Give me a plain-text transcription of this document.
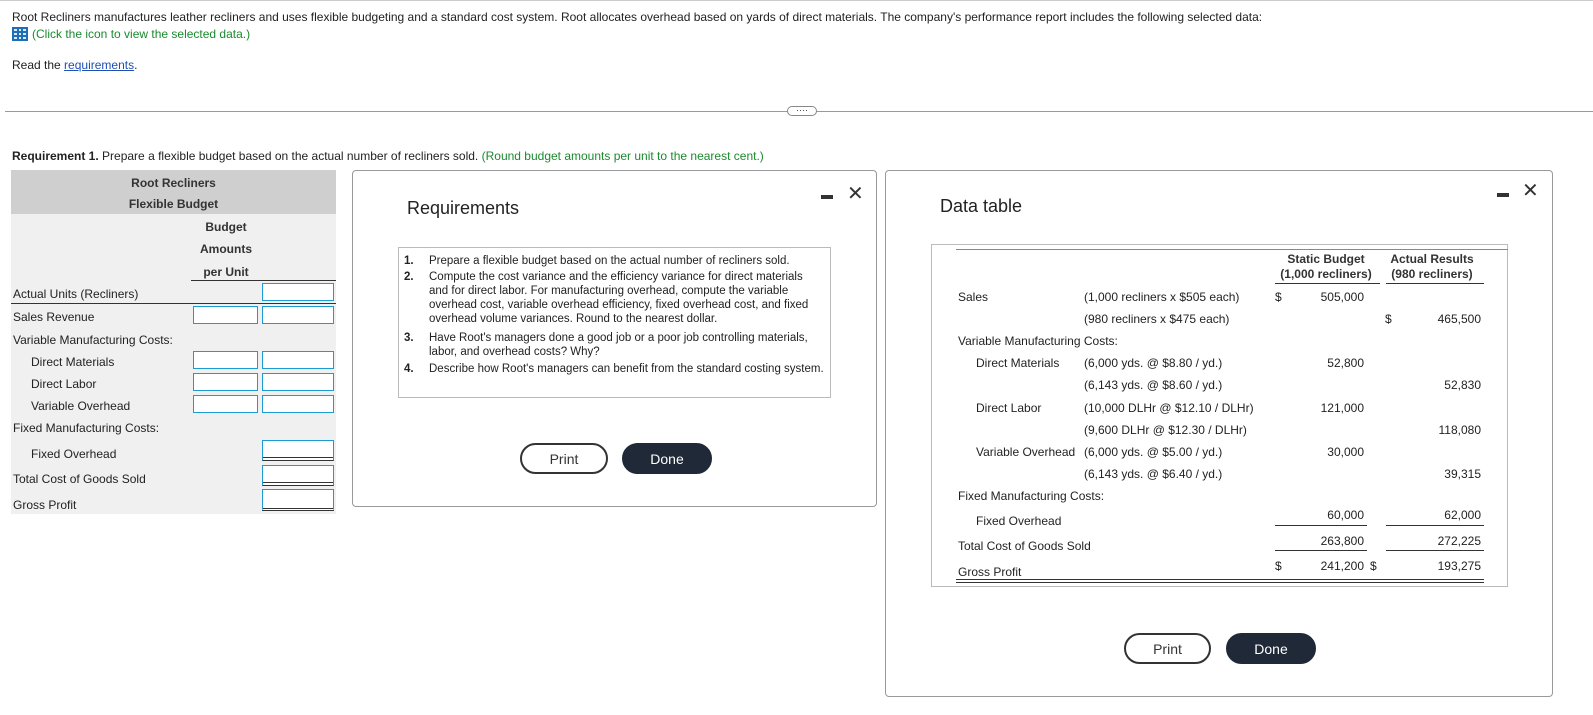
Root Recliners manufactures leather recliners and uses flexible budgeting and a standard cost system. Root allocates overhead based on yards of direct materials. The company's performance report includes the following selected data:
(Click the icon to view the selected data.)
Read the requirements.
····
Requirement 1. Prepare a flexible budget based on the actual number of recliners sold. (Round budget amounts per unit to the nearest cent.)
Root Recliners
Flexible Budget
Budget
Amounts
per Unit
Actual Units (Recliners)
Sales Revenue
Variable Manufacturing Costs:
Direct Materials
Direct Labor
Variable Overhead
Fixed Manufacturing Costs:
Fixed Overhead
Total Cost of Goods Sold
Gross Profit
Requirements
✕
Print	Done
1.	Prepare a flexible budget based on the actual number of recliners sold.
2.	Compute the cost variance and the efficiency variance for direct materials and for direct labor. For manufacturing overhead, compute the variable overhead cost, variable overhead efficiency, fixed overhead cost, and fixed overhead volume variances. Round to the nearest dollar.
3.	Have Root's managers done a good job or a poor job controlling materials, labor, and overhead costs? Why?
4.	Describe how Root's managers can benefit from the standard costing system.
Data table
✕
Print	Done
Static Budget
(1,000 recliners)
Actual Results
(980 recliners)
Sales	(1,000 recliners x $505 each)	$	505,000
(980 recliners x $475 each)	$	465,500
Variable Manufacturing Costs:
Direct Materials (6,000 yds. @ $8.80 / yd.)	52,800
(6,143 yds. @ $8.60 / yd.)	52,830
Direct Labor	(10,000 DLHr @ $12.10 / DLHr)	121,000
(9,600 DLHr @ $12.30 / DLHr)	118,080
Variable Overhead (6,000 yds. @ $5.00 / yd.)	30,000
(6,143 yds. @ $6.40 / yd.)	39,315
Fixed Manufacturing Costs:
Fixed Overhead	60,000	62,000
Total Cost of Goods Sold	263,800	272,225
Gross Profit	$	241,200 $	193,275
